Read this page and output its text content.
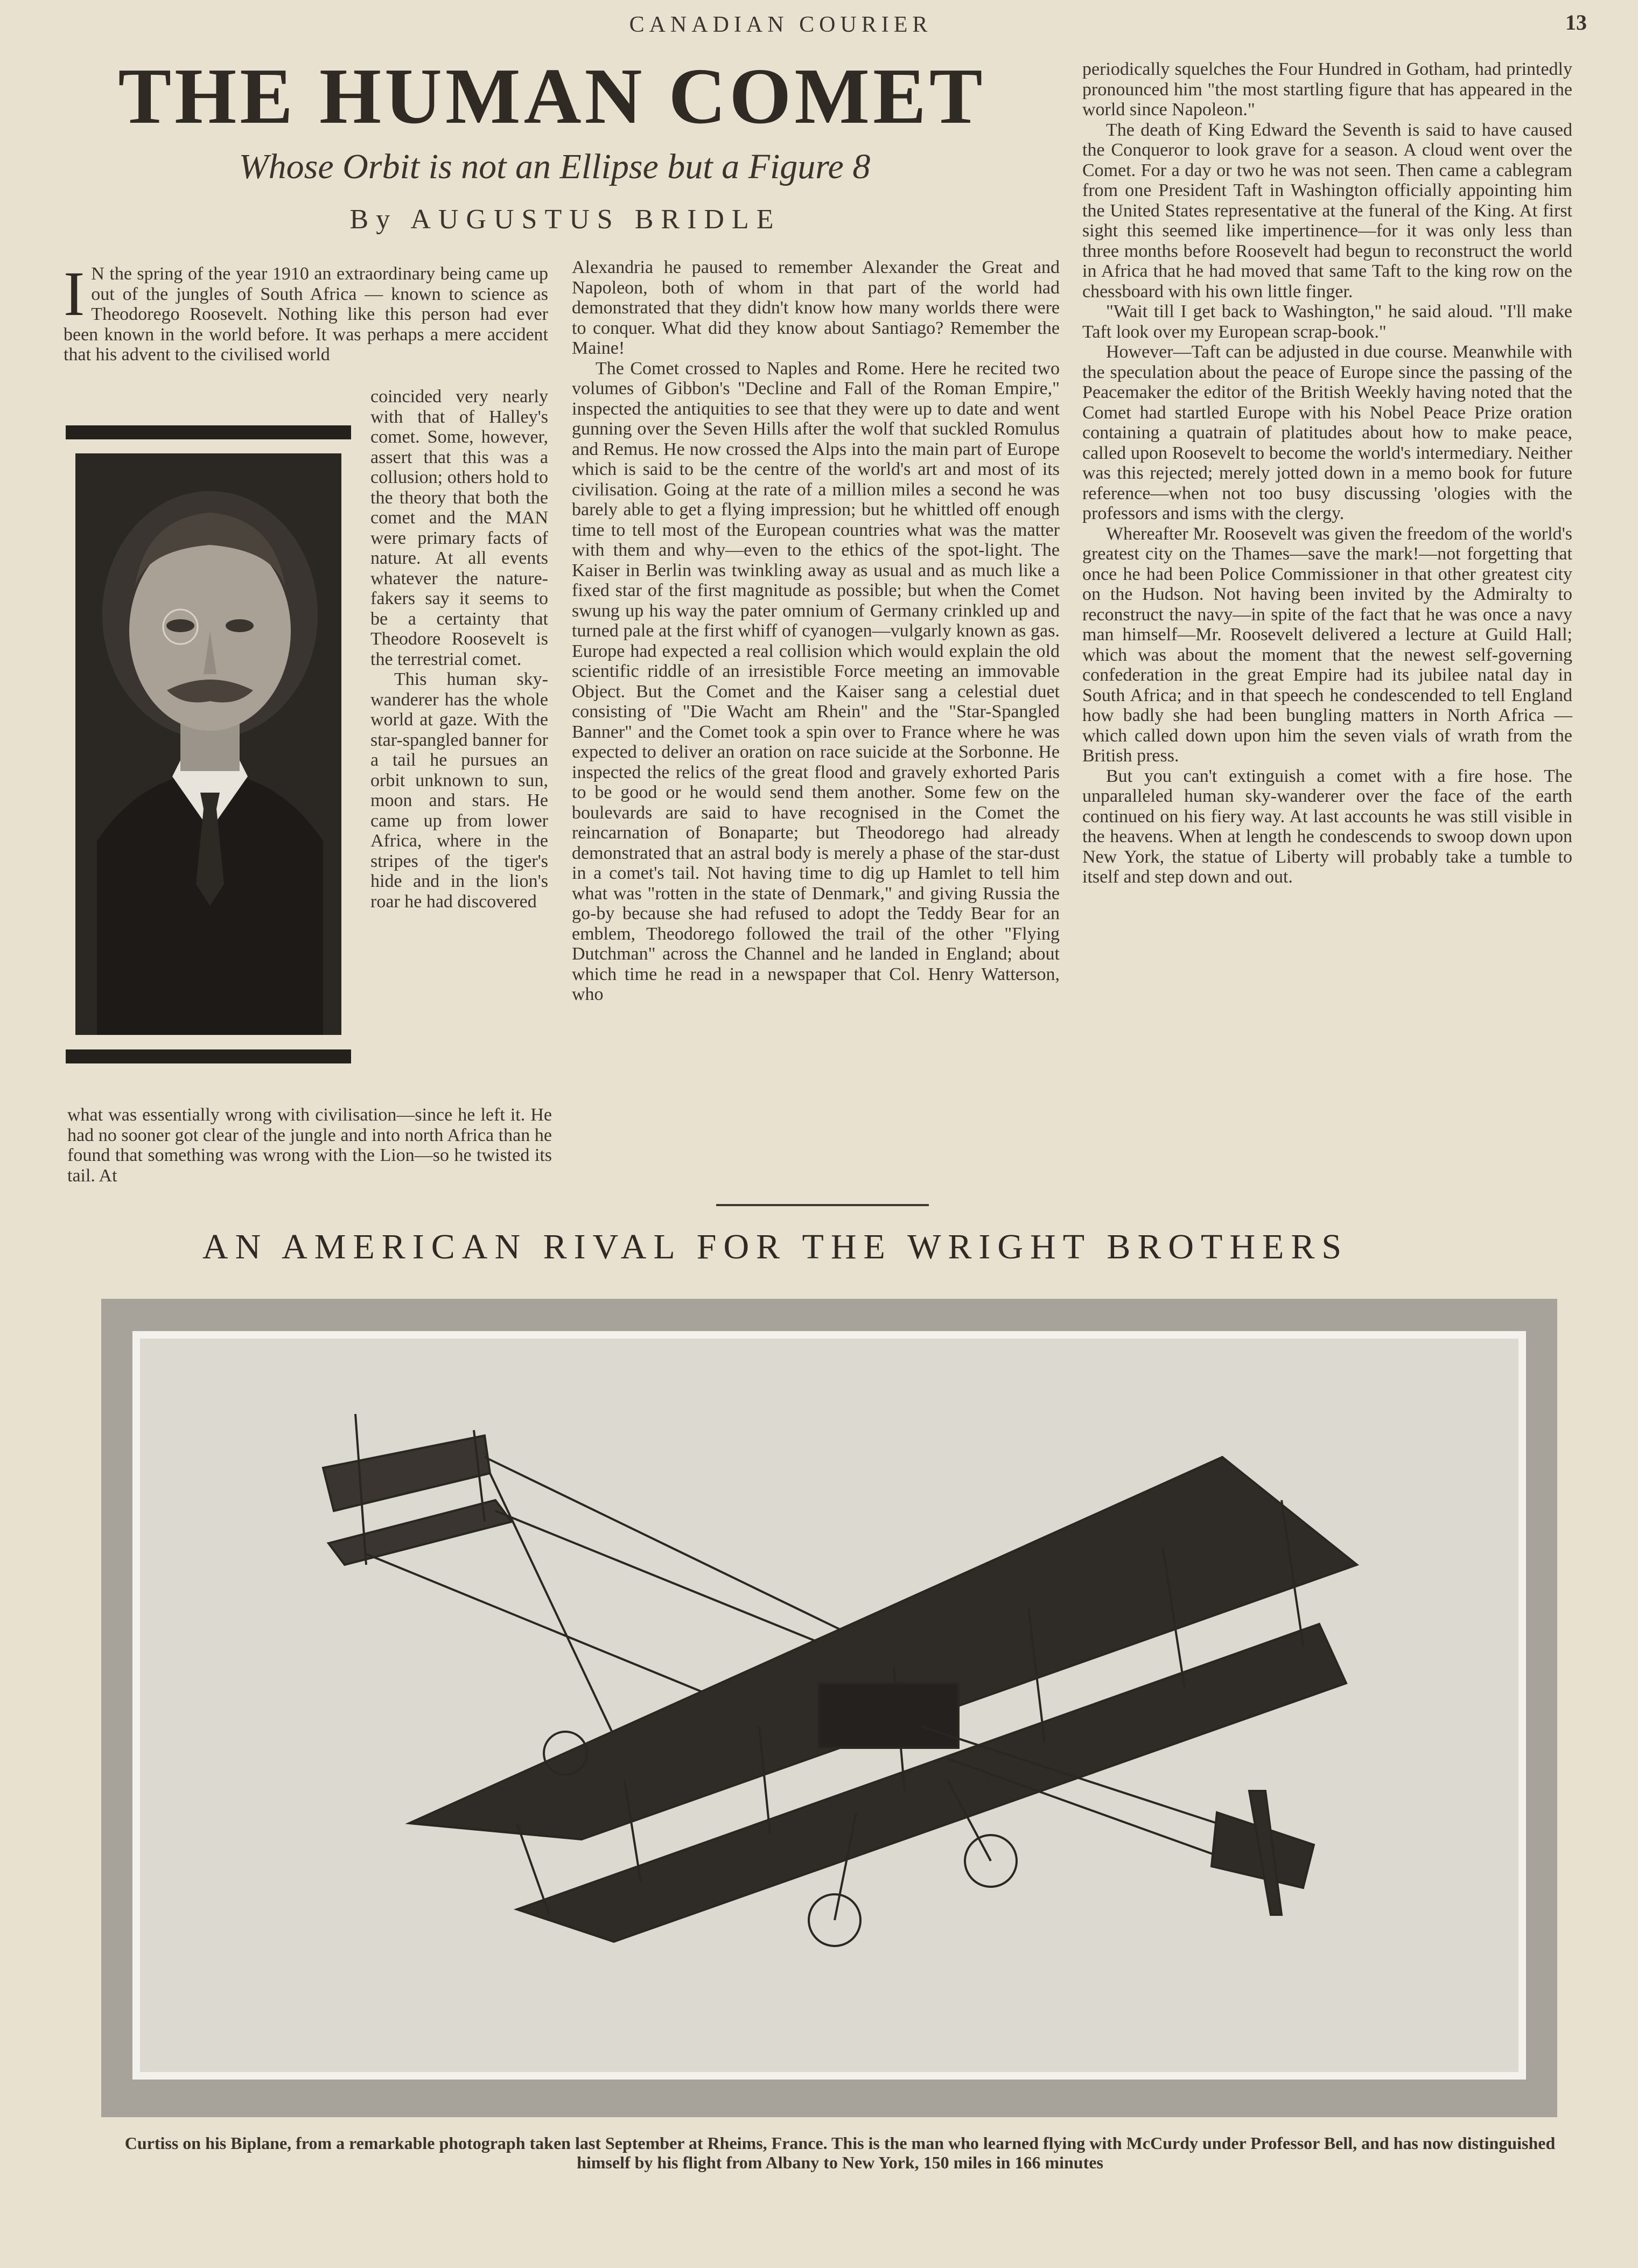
CANADIAN COURIER	13
THE HUMAN COMET
Whose Orbit is not an Ellipse but a Figure 8
By AUGUSTUS BRIDLE
I N the spring of the year 1910 an extraordinary being came up out of the jungles of South Africa — known to science as Theodorego Roosevelt. Nothing like this person had ever been known in the world before. It was perhaps a mere accident that his advent to the civilised world

coincided very nearly with that of Halley's comet. Some, however, assert that this was a collusion; others hold to the theory that both the comet and the MAN were primary facts of nature. At all events whatever the nature-fakers say it seems to be a certainty that Theodore Roosevelt is the terrestrial comet.

This human sky-wanderer has the whole world at gaze. With the star-spangled banner for a tail he pursues an orbit unknown to sun, moon and stars. He came up from lower Africa, where in the stripes of the tiger's hide and in the lion's roar he had discovered

what was essentially wrong with civilisation—since he left it. He had no sooner got clear of the jungle and into north Africa than he found that something was wrong with the Lion—so he twisted its tail. At

Alexandria he paused to remember Alexander the Great and Napoleon, both of whom in that part of the world had demonstrated that they didn't know how many worlds there were to conquer. What did they know about Santiago? Remember the Maine!

The Comet crossed to Naples and Rome. Here he recited two volumes of Gibbon's "Decline and Fall of the Roman Empire," inspected the antiquities to see that they were up to date and went gunning over the Seven Hills after the wolf that suckled Romulus and Remus. He now crossed the Alps into the main part of Europe which is said to be the centre of the world's art and most of its civilisation. Going at the rate of a million miles a second he was barely able to get a flying impression; but he whittled off enough time to tell most of the European countries what was the matter with them and why—even to the ethics of the spot-light. The Kaiser in Berlin was twinkling away as usual and as much like a fixed star of the first magnitude as possible; but when the Comet swung up his way the pater omnium of Germany crinkled up and turned pale at the first whiff of cyanogen—vulgarly known as gas. Europe had expected a real collision which would explain the old scientific riddle of an irresistible Force meeting an immovable Object. But the Comet and the Kaiser sang a celestial duet consisting of "Die Wacht am Rhein" and the "Star-Spangled Banner" and the Comet took a spin over to France where he was expected to deliver an oration on race suicide at the Sorbonne. He inspected the relics of the great flood and gravely exhorted Paris to be good or he would send them another. Some few on the boulevards are said to have recognised in the Comet the reincarnation of Bonaparte; but Theodorego had already demonstrated that an astral body is merely a phase of the star-dust in a comet's tail. Not having time to dig up Hamlet to tell him what was "rotten in the state of Denmark," and giving Russia the go-by because she had refused to adopt the Teddy Bear for an emblem, Theodorego followed the trail of the other "Flying Dutchman" across the Channel and he landed in England; about which time he read in a newspaper that Col. Henry Watterson, who

periodically squelches the Four Hundred in Gotham, had printedly pronounced him "the most startling figure that has appeared in the world since Napoleon."

The death of King Edward the Seventh is said to have caused the Conqueror to look grave for a season. A cloud went over the Comet. For a day or two he was not seen. Then came a cablegram from one President Taft in Washington officially appointing him the United States representative at the funeral of the King. At first sight this seemed like impertinence—for it was only less than three months before Roosevelt had begun to reconstruct the world in Africa that he had moved that same Taft to the king row on the chessboard with his own little finger.

"Wait till I get back to Washington," he said aloud. "I'll make Taft look over my European scrap-book."

However—Taft can be adjusted in due course. Meanwhile with the speculation about the peace of Europe since the passing of the Peacemaker the editor of the British Weekly having noted that the Comet had startled Europe with his Nobel Peace Prize oration containing a quatrain of platitudes about how to make peace, called upon Roosevelt to become the world's intermediary. Neither was this rejected; merely jotted down in a memo book for future reference—when not too busy discussing 'ologies with the professors and isms with the clergy.

Whereafter Mr. Roosevelt was given the freedom of the world's greatest city on the Thames—save the mark!—not forgetting that once he had been Police Commissioner in that other greatest city on the Hudson. Not having been invited by the Admiralty to reconstruct the navy—in spite of the fact that he was once a navy man himself—Mr. Roosevelt delivered a lecture at Guild Hall; which was about the moment that the newest self-governing confederation in the great Empire had its jubilee natal day in South Africa; and in that speech he condescended to tell England how badly she had been bungling matters in North Africa — which called down upon him the seven vials of wrath from the British press.

But you can't extinguish a comet with a fire hose. The unparalleled human sky-wanderer over the face of the earth continued on his fiery way. At last accounts he was still visible in the heavens. When at length he condescends to swoop down upon New York, the statue of Liberty will probably take a tumble to itself and step down and out.

AN AMERICAN RIVAL FOR THE WRIGHT BROTHERS
Curtiss on his Biplane, from a remarkable photograph taken last September at Rheims, France. This is the man who learned flying with McCurdy under Professor Bell, and has now distinguished himself by his flight from Albany to New York, 150 miles in 166 minutes
